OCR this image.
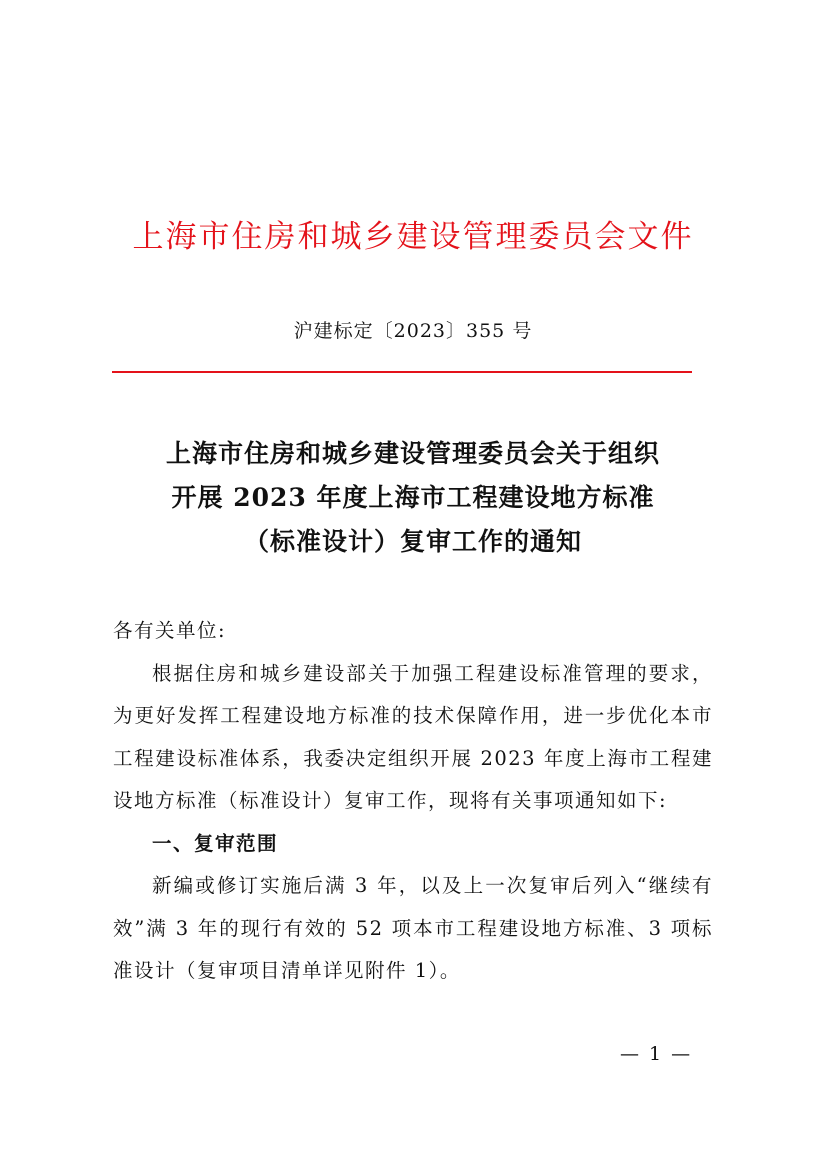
上海市住房和城乡建设管理委员会文件
沪建标定〔2023〕355 号
上海市住房和城乡建设管理委员会关于组织
开展 2023 年度上海市工程建设地方标准
（标准设计）复审工作的通知

各有关单位:

根据住房和城乡建设部关于加强工程建设标准管理的要求，为更好发挥工程建设地方标准的技术保障作用，进一步优化本市工程建设标准体系，我委决定组织开展 2023 年度上海市工程建设地方标准（标准设计）复审工作，现将有关事项通知如下:

一、复审范围

新编或修订实施后满 3 年，以及上一次复审后列入“继续有效”满 3 年的现行有效的 52 项本市工程建设地方标准、3 项标准设计（复审项目清单详见附件 1）。

— 1 —
